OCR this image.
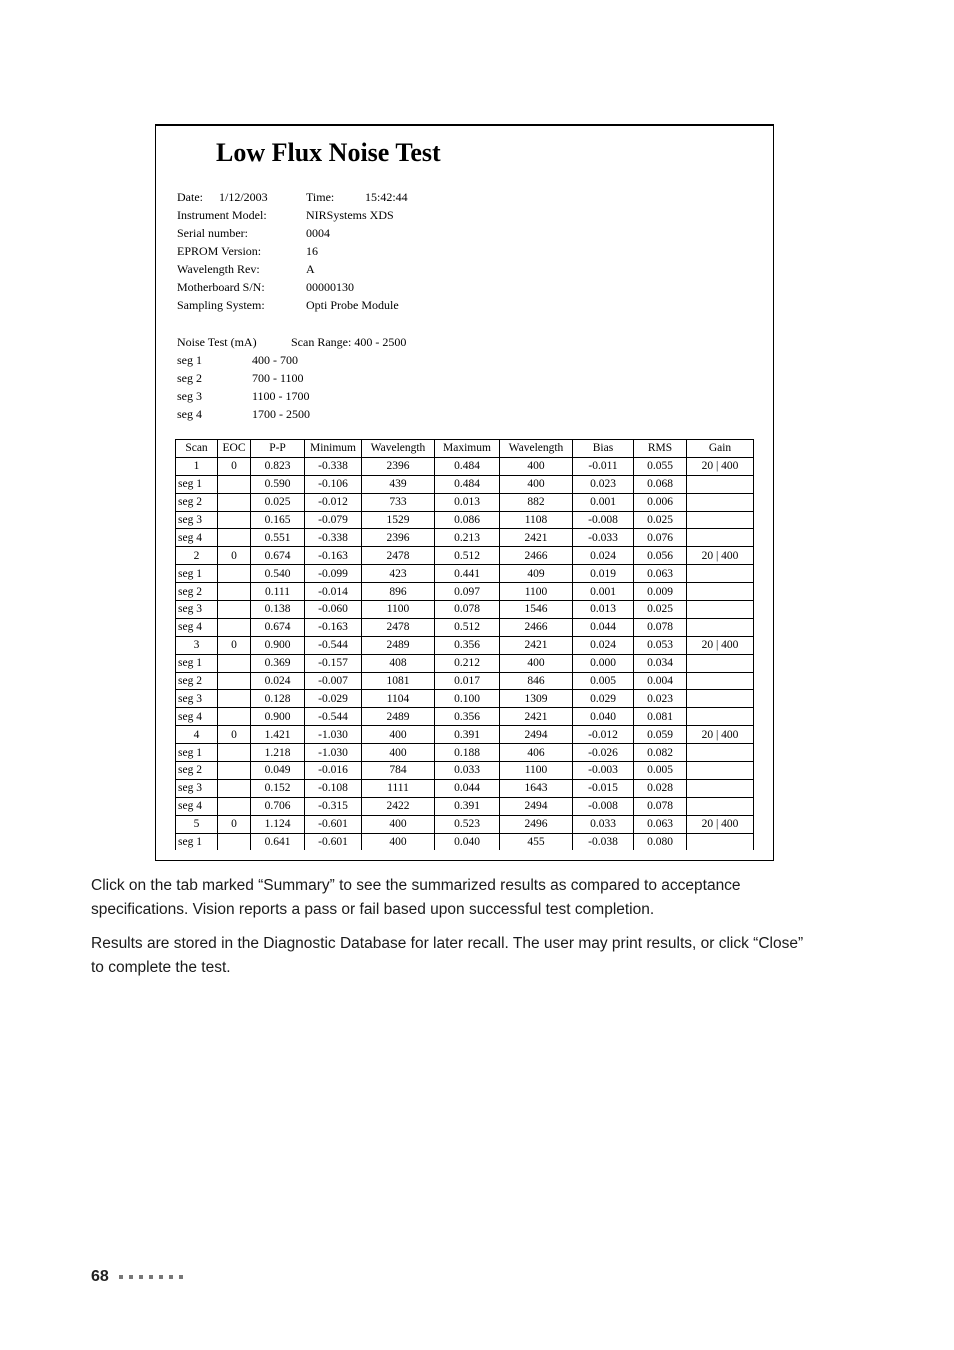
Low Flux Noise Test
Date: 1/12/2003	Time:	15:42:44
Instrument Model:	NIRSystems XDS
Serial number:	0004
EPROM Version:	16
Wavelength Rev:	A
Motherboard S/N:	00000130
Sampling System:	Opti Probe Module
Noise Test (mA)	Scan Range: 400 - 2500
seg 1	400 - 700
seg 2	700 - 1100
seg 3	1100 - 1700
seg 4	1700 - 2500
Scan	EOC	P-P	Minimum	Wavelength	Maximum	Wavelength	Bias	RMS	Gain
1	0	0.823	-0.338	2396	0.484	400	-0.011	0.055	20 | 400
seg 1		0.590	-0.106	439	0.484	400	0.023	0.068	
seg 2		0.025	-0.012	733	0.013	882	0.001	0.006	
seg 3		0.165	-0.079	1529	0.086	1108	-0.008	0.025	
seg 4		0.551	-0.338	2396	0.213	2421	-0.033	0.076	
2	0	0.674	-0.163	2478	0.512	2466	0.024	0.056	20 | 400
seg 1		0.540	-0.099	423	0.441	409	0.019	0.063	
seg 2		0.111	-0.014	896	0.097	1100	0.001	0.009	
seg 3		0.138	-0.060	1100	0.078	1546	0.013	0.025	
seg 4		0.674	-0.163	2478	0.512	2466	0.044	0.078	
3	0	0.900	-0.544	2489	0.356	2421	0.024	0.053	20 | 400
seg 1		0.369	-0.157	408	0.212	400	0.000	0.034	
seg 2		0.024	-0.007	1081	0.017	846	0.005	0.004	
seg 3		0.128	-0.029	1104	0.100	1309	0.029	0.023	
seg 4		0.900	-0.544	2489	0.356	2421	0.040	0.081	
4	0	1.421	-1.030	400	0.391	2494	-0.012	0.059	20 | 400
seg 1		1.218	-1.030	400	0.188	406	-0.026	0.082	
seg 2		0.049	-0.016	784	0.033	1100	-0.003	0.005	
seg 3		0.152	-0.108	1111	0.044	1643	-0.015	0.028	
seg 4		0.706	-0.315	2422	0.391	2494	-0.008	0.078	
5	0	1.124	-0.601	400	0.523	2496	0.033	0.063	20 | 400
seg 1		0.641	-0.601	400	0.040	455	-0.038	0.080	

Click on the tab marked “Summary” to see the summarized results as compared to acceptance specifications. Vision reports a pass or fail based upon successful test completion.

Results are stored in the Diagnostic Database for later recall. The user may print results, or click “Close” to complete the test.

68
